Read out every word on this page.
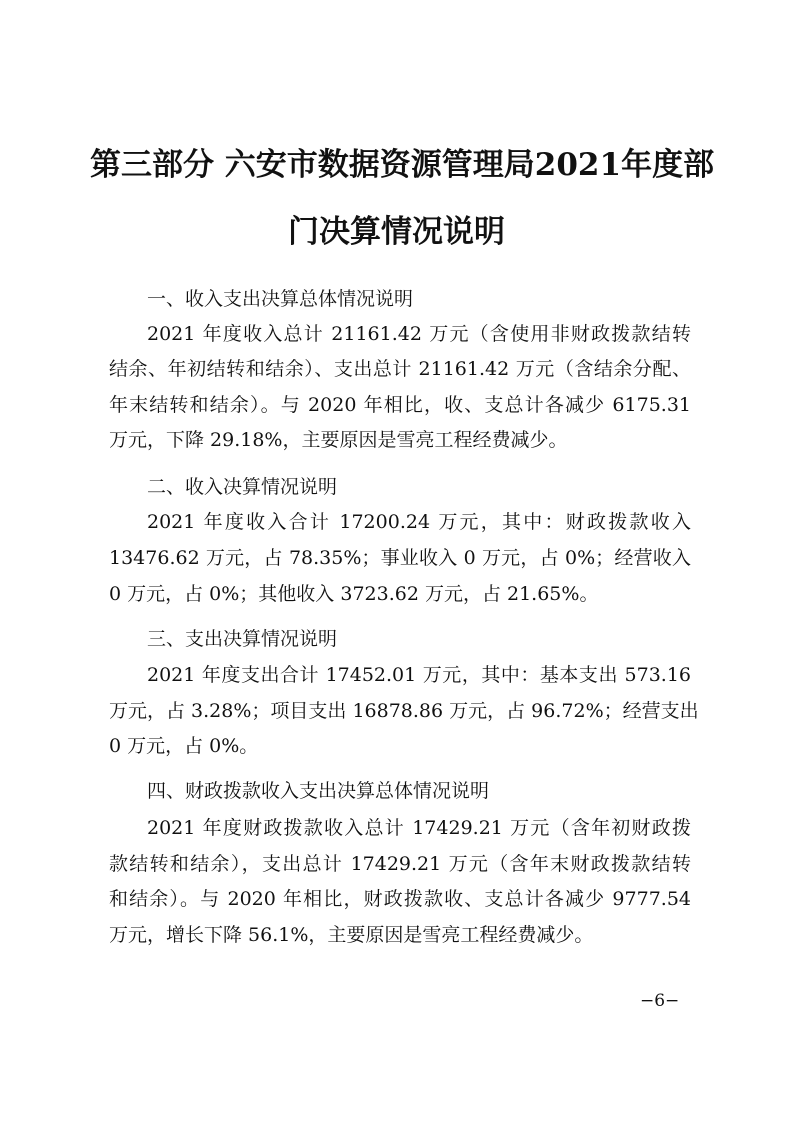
第三部分 六安市数据资源管理局2021年度部
门决算情况说明
一、收入支出决算总体情况说明
2021 年度收入总计 21161.42 万元（含使用非财政拨款结转
结余、年初结转和结余）、支出总计 21161.42 万元（含结余分配、
年末结转和结余）。与 2020 年相比，收、支总计各减少 6175.31
万元，下降 29.18%，主要原因是雪亮工程经费减少。
二、收入决算情况说明
2021 年度收入合计 17200.24 万元，其中：财政拨款收入
13476.62 万元，占 78.35%；事业收入 0 万元，占 0%；经营收入
0 万元，占 0%；其他收入 3723.62 万元，占 21.65%。
三、支出决算情况说明
2021 年度支出合计 17452.01 万元，其中：基本支出 573.16
万元，占 3.28%；项目支出 16878.86 万元，占 96.72%；经营支出
0 万元，占 0%。
四、财政拨款收入支出决算总体情况说明
2021 年度财政拨款收入总计 17429.21 万元（含年初财政拨
款结转和结余），支出总计 17429.21 万元（含年末财政拨款结转
和结余）。与 2020 年相比，财政拨款收、支总计各减少 9777.54
万元，增长下降 56.1%，主要原因是雪亮工程经费减少。
−6−
